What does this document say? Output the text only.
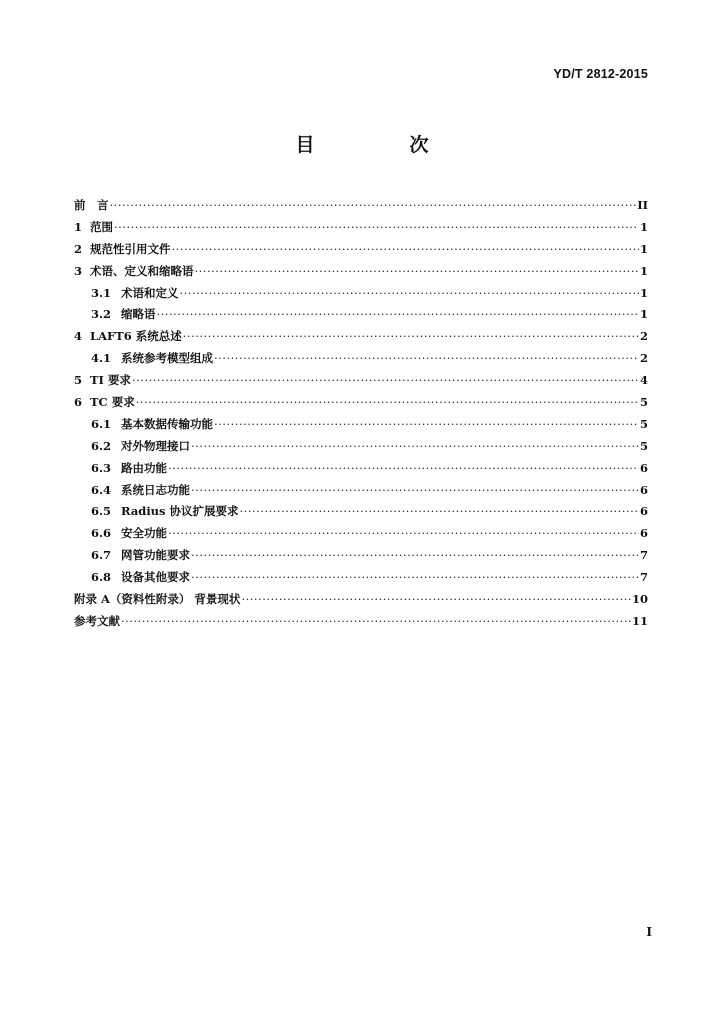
YD/T 2812-2015
目　次
前　言 ·····	II
1 范围 ·····	1
2 规范性引用文件 ·····	1
3 术语、定义和缩略语 ·····	1
3.1 术语和定义 ·····	1
3.2 缩略语 ·····	1
4 LAFT6 系统总述 ·····	2
4.1 系统参考模型组成 ·····	2
5 TI 要求 ·····	4
6 TC 要求 ·····	5
6.1 基本数据传输功能 ·····	5
6.2 对外物理接口 ·····	5
6.3 路由功能 ·····	6
6.4 系统日志功能 ·····	6
6.5 Radius 协议扩展要求 ·····	6
6.6 安全功能 ·····	6
6.7 网管功能要求 ·····	7
6.8 设备其他要求 ·····	7
附录 A（资料性附录） 背景现状 ·····	10
参考文献 ·····	11
I
